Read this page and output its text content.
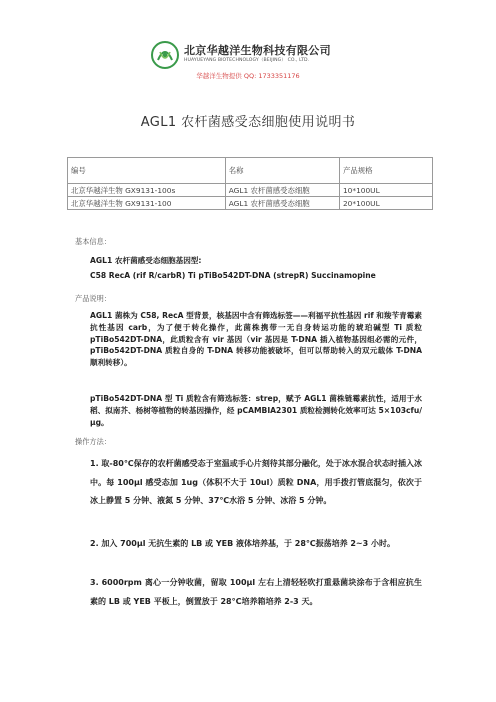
北京华越洋生物科技有限公司
HUAYUEYANG BIOTECHNOLOGY（BEIJING） CO., LTD.
华越洋生物提供 QQ: 1733351176
AGL1 农杆菌感受态细胞使用说明书
编号	名称	产品规格
北京华越洋生物 GX9131-100s	AGL1 农杆菌感受态细胞	10*100UL
北京华越洋生物 GX9131-100	AGL1 农杆菌感受态细胞	20*100UL
基本信息：
AGL1 农杆菌感受态细胞基因型:
C58 RecA (rif R/carbR) Ti pTiBo542DT-DNA (strepR) Succinamopine
产品说明：
AGL1 菌株为 C58, RecA 型背景，核基因中含有筛选标签——利福平抗性基因 rif 和羧苄青霉素抗性基因 carb，为了便于转化操作，此菌株携带一无自身转运功能的琥珀碱型 Ti 质粒 pTiBo542DT-DNA，此质粒含有 vir 基因（vir 基因是 T-DNA 插入植物基因组必需的元件， pTiBo542DT-DNA 质粒自身的 T-DNA 转移功能被破坏，但可以帮助转入的双元载体 T-DNA 顺利转移）。
pTiBo542DT-DNA 型 Ti 质粒含有筛选标签：strep，赋予 AGL1 菌株链霉素抗性，适用于水稻、拟南芥、杨树等植物的转基因操作，经 pCAMBIA2301 质粒检测转化效率可达 5×103cfu/μg。
操作方法：
1. 取-80℃保存的农杆菌感受态于室温或手心片刻待其部分融化，处于冰水混合状态时插入冰中。每 100μl 感受态加 1ug（体积不大于 10ul）质粒 DNA，用手拨打管底混匀，依次于冰上静置 5 分钟、液氮 5 分钟、37℃水浴 5 分钟、冰浴 5 分钟。
2. 加入 700μl 无抗生素的 LB 或 YEB 液体培养基，于 28℃振荡培养 2~3 小时。
3. 6000rpm 离心一分钟收菌，留取 100μl 左右上清轻轻吹打重悬菌块涂布于含相应抗生素的 LB 或 YEB 平板上，倒置放于 28°C培养箱培养 2-3 天。
